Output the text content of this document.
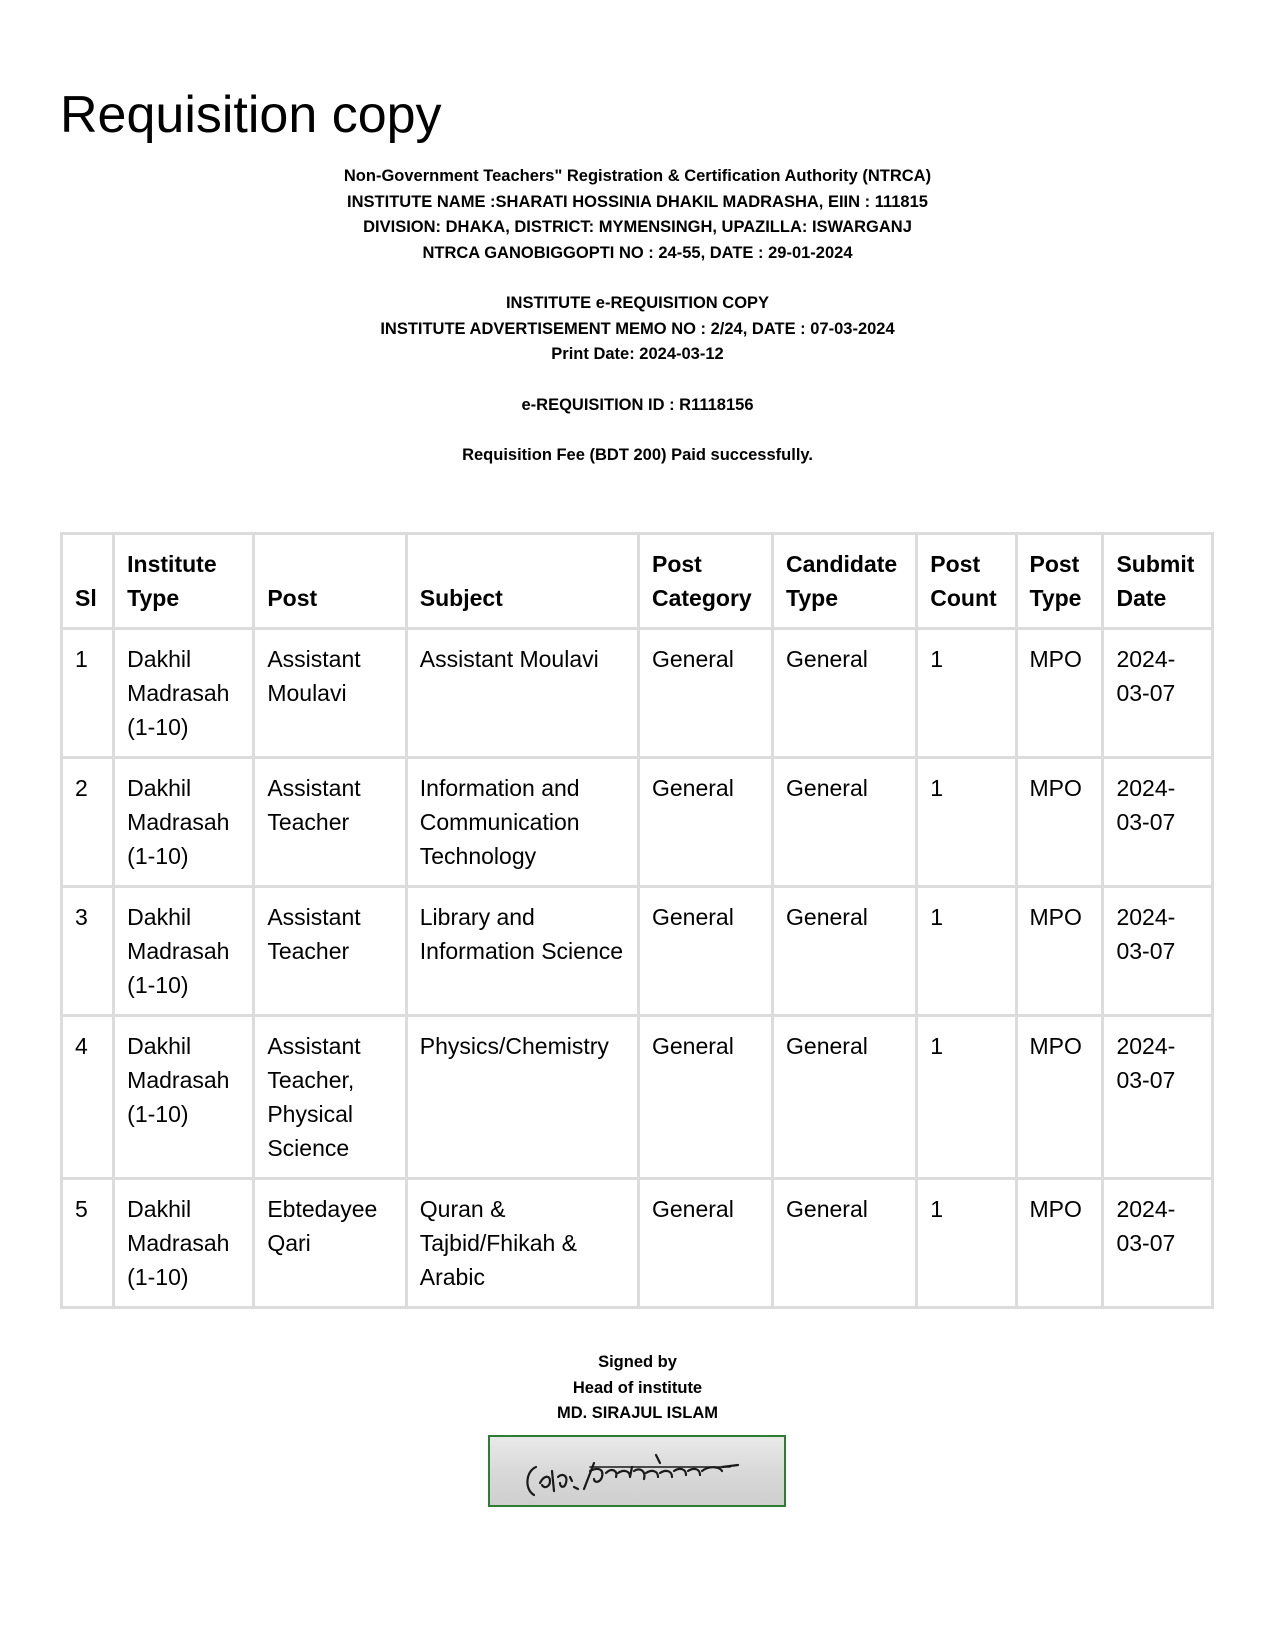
Requisition copy
Non-Government Teachers" Registration & Certification Authority (NTRCA)
INSTITUTE NAME :SHARATI HOSSINIA DHAKIL MADRASHA, EIIN : 111815
DIVISION: DHAKA, DISTRICT: MYMENSINGH, UPAZILLA: ISWARGANJ
NTRCA GANOBIGGOPTI NO : 24-55, DATE : 29-01-2024
INSTITUTE e-REQUISITION COPY
INSTITUTE ADVERTISEMENT MEMO NO : 2/24, DATE : 07-03-2024
Print Date: 2024-03-12
e-REQUISITION ID : R1118156
Requisition Fee (BDT 200) Paid successfully.
Sl	Institute Type	Post	Subject	Post Category	Candidate Type	Post Count	Post Type	Submit Date
1	Dakhil Madrasah (1-10)	Assistant Moulavi	Assistant Moulavi	General	General	1	MPO	2024-03-07
2	Dakhil Madrasah (1-10)	Assistant Teacher	Information and Communication Technology	General	General	1	MPO	2024-03-07
3	Dakhil Madrasah (1-10)	Assistant Teacher	Library and Information Science	General	General	1	MPO	2024-03-07
4	Dakhil Madrasah (1-10)	Assistant Teacher, Physical Science	Physics/Chemistry	General	General	1	MPO	2024-03-07
5	Dakhil Madrasah (1-10)	Ebtedayee Qari	Quran & Tajbid/Fhikah & Arabic	General	General	1	MPO	2024-03-07
Signed by
Head of institute
MD. SIRAJUL ISLAM
